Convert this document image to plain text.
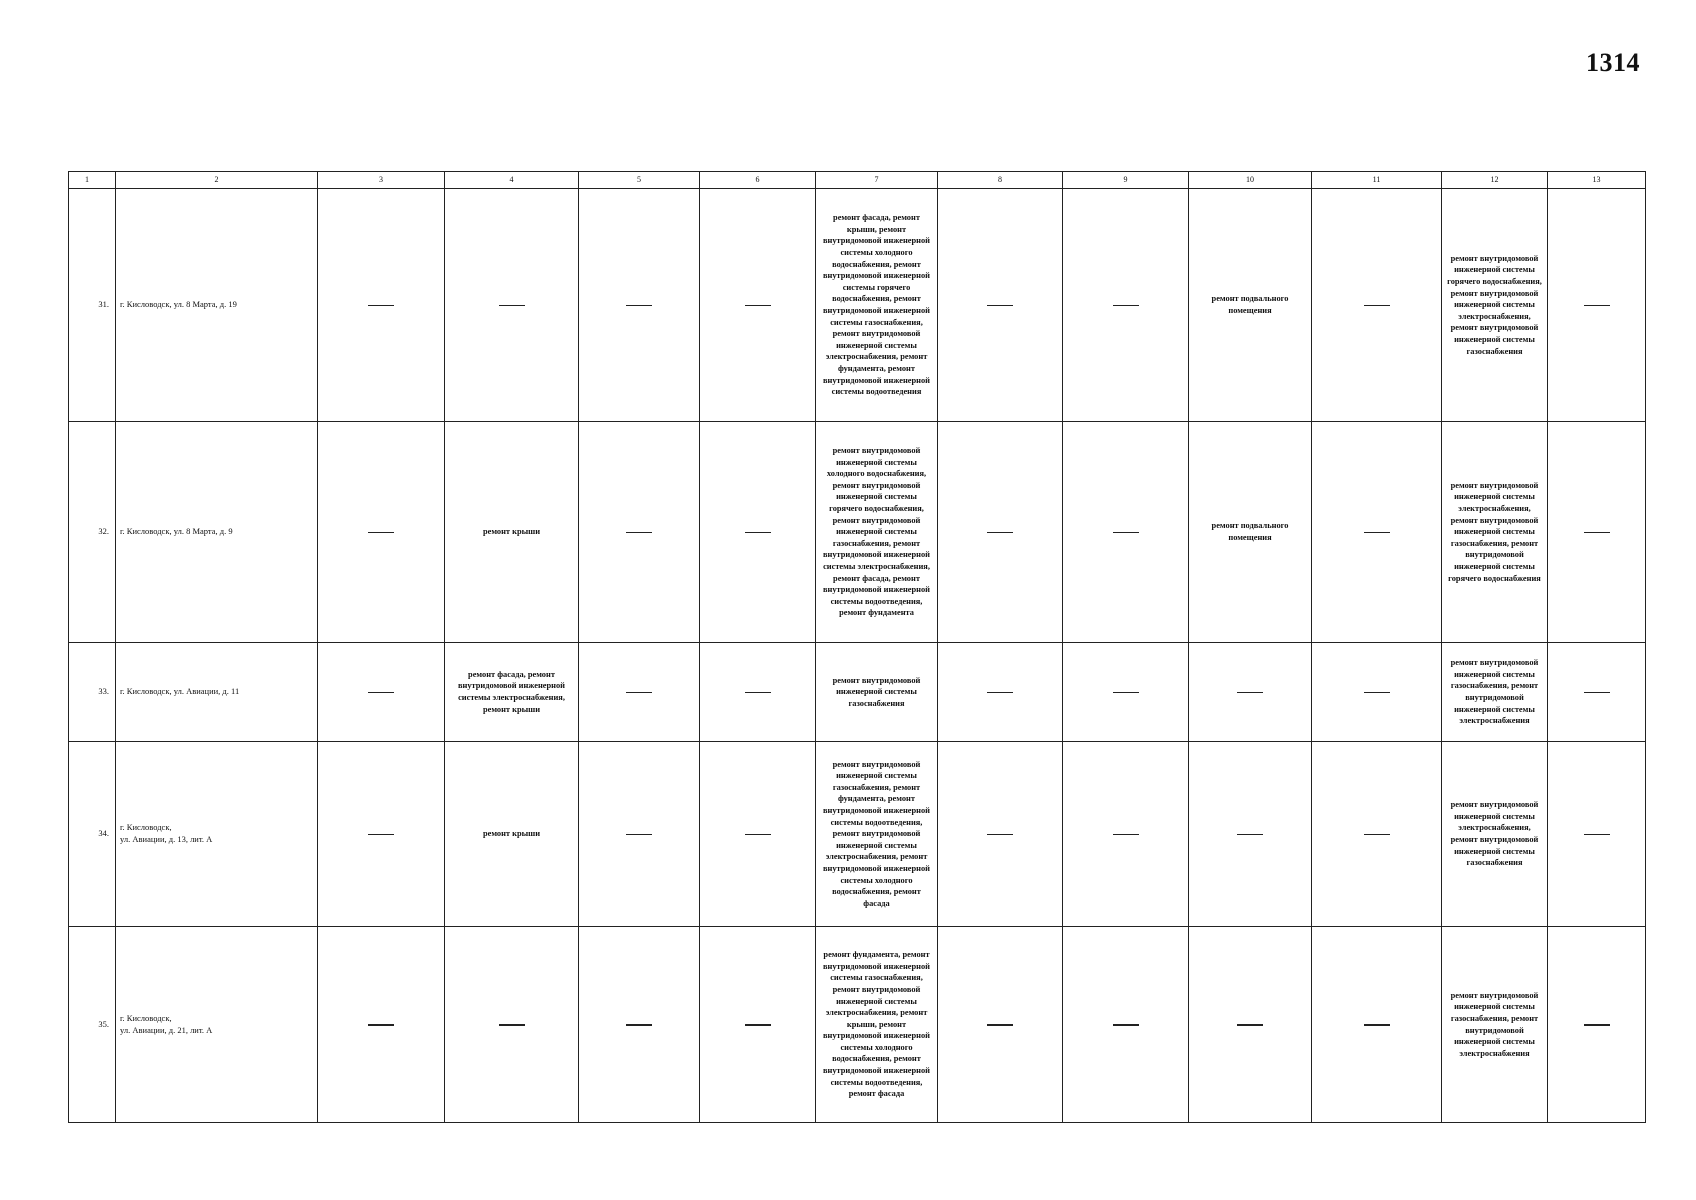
1314
1	2	3	4	5	6	7	8	9	10	11	12	13
31.	г. Кисловодск, ул. 8 Марта, д. 19					ремонт фасада, ремонт крыши, ремонт внутридомовой инженерной системы холодного водоснабжения, ремонт внутридомовой инженерной системы горячего водоснабжения, ремонт внутридомовой инженерной системы газоснабжения, ремонт внутридомовой инженерной системы электроснабжения, ремонт фундамента, ремонт внутридомовой инженерной системы водоотведения			ремонт подвального помещения		ремонт внутридомовой инженерной системы горячего водоснабжения, ремонт внутридомовой инженерной системы электроснабжения, ремонт внутридомовой инженерной системы газоснабжения	
32.	г. Кисловодск, ул. 8 Марта, д. 9		ремонт крыши			ремонт внутридомовой инженерной системы холодного водоснабжения, ремонт внутридомовой инженерной системы горячего водоснабжения, ремонт внутридомовой инженерной системы газоснабжения, ремонт внутридомовой инженерной системы электроснабжения, ремонт фасада, ремонт внутридомовой инженерной системы водоотведения, ремонт фундамента			ремонт подвального помещения		ремонт внутридомовой инженерной системы электроснабжения, ремонт внутридомовой инженерной системы газоснабжения, ремонт внутридомовой инженерной системы горячего водоснабжения	
33.	г. Кисловодск, ул. Авиации, д. 11		ремонт фасада, ремонт внутридомовой инженерной системы электроснабжения, ремонт крыши			ремонт внутридомовой инженерной системы газоснабжения					ремонт внутридомовой инженерной системы газоснабжения, ремонт внутридомовой инженерной системы электроснабжения	
34.	г. Кисловодск,
ул. Авиации, д. 13, лит. А		ремонт крыши			ремонт внутридомовой инженерной системы газоснабжения, ремонт фундамента, ремонт внутридомовой инженерной системы водоотведения, ремонт внутридомовой инженерной системы электроснабжения, ремонт внутридомовой инженерной системы холодного водоснабжения, ремонт фасада					ремонт внутридомовой инженерной системы электроснабжения, ремонт внутридомовой инженерной системы газоснабжения	
35.	г. Кисловодск,
ул. Авиации, д. 21, лит. А					ремонт фундамента, ремонт внутридомовой инженерной системы газоснабжения, ремонт внутридомовой инженерной системы электроснабжения, ремонт крыши, ремонт внутридомовой инженерной системы холодного водоснабжения, ремонт внутридомовой инженерной системы водоотведения, ремонт фасада					ремонт внутридомовой инженерной системы газоснабжения, ремонт внутридомовой инженерной системы электроснабжения	
